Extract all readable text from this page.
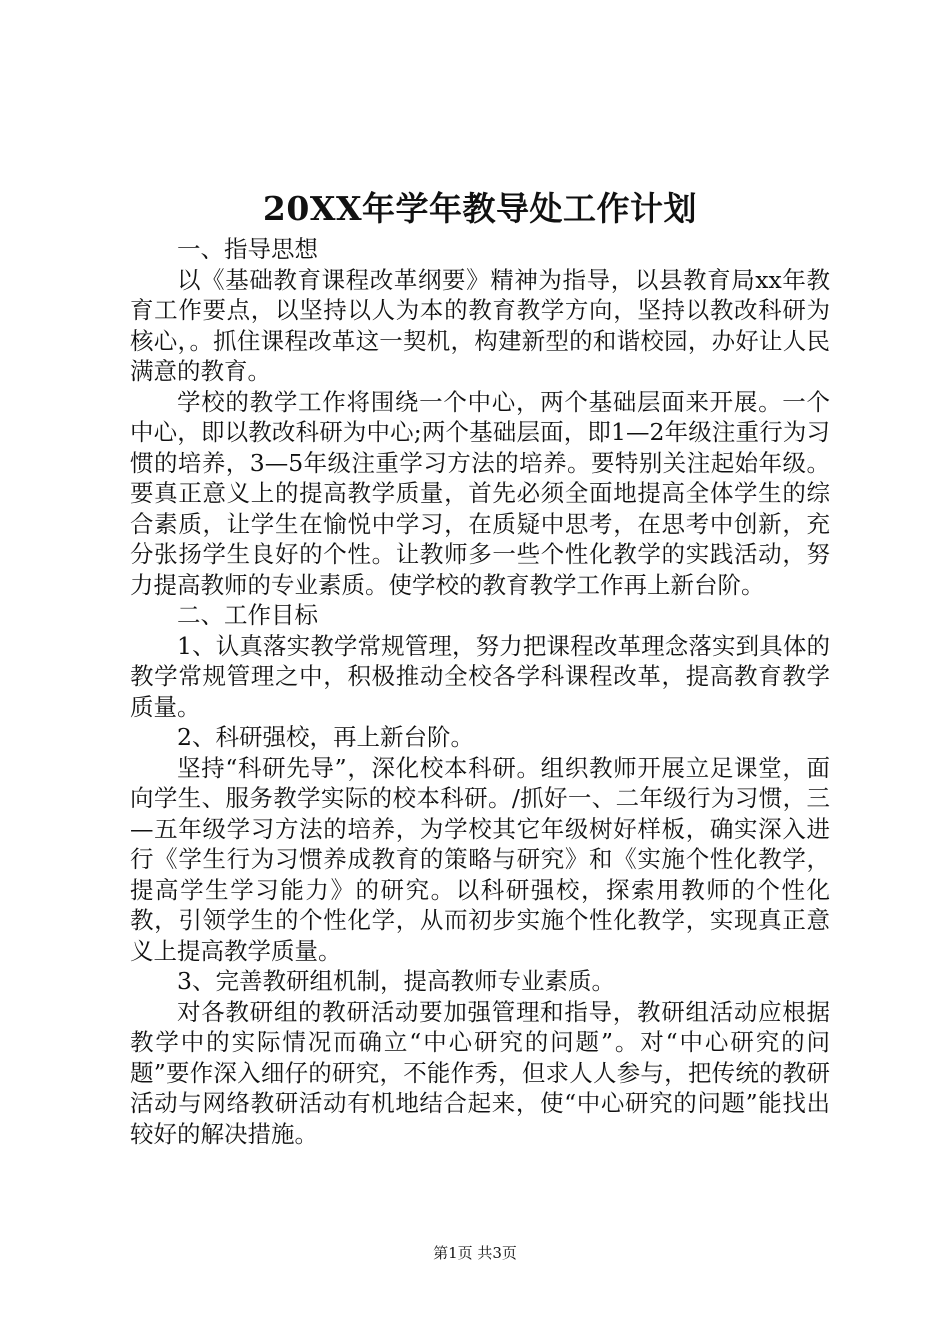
20XX年学年教导处工作计划

一、指导思想

以《基础教育课程改革纲要》精神为指导，以县教育局xx年教育工作要点，以坚持以人为本的教育教学方向，坚持以教改科研为核心，。抓住课程改革这一契机，构建新型的和谐校园，办好让人民满意的教育。

学校的教学工作将围绕一个中心，两个基础层面来开展。一个中心，即以教改科研为中心;两个基础层面，即1—2年级注重行为习惯的培养，3—5年级注重学习方法的培养。要特别关注起始年级。要真正意义上的提高教学质量，首先必须全面地提高全体学生的综合素质，让学生在愉悦中学习，在质疑中思考，在思考中创新，充分张扬学生良好的个性。让教师多一些个性化教学的实践活动，努力提高教师的专业素质。使学校的教育教学工作再上新台阶。

二、工作目标

1、认真落实教学常规管理，努力把课程改革理念落实到具体的教学常规管理之中，积极推动全校各学科课程改革，提高教育教学质量。

2、科研强校，再上新台阶。

坚持“科研先导”，深化校本科研。组织教师开展立足课堂，面向学生、服务教学实际的校本科研。/抓好一、二年级行为习惯，三—五年级学习方法的培养，为学校其它年级树好样板，确实深入进行《学生行为习惯养成教育的策略与研究》和《实施个性化教学，提高学生学习能力》的研究。以科研强校，探索用教师的个性化教，引领学生的个性化学，从而初步实施个性化教学，实现真正意义上提高教学质量。

3、完善教研组机制，提高教师专业素质。

对各教研组的教研活动要加强管理和指导，教研组活动应根据教学中的实际情况而确立“中心研究的问题”。对“中心研究的问题”要作深入细仔的研究，不能作秀，但求人人参与，把传统的教研活动与网络教研活动有机地结合起来，使“中心研究的问题”能找出较好的解决措施。

第1页 共3页
